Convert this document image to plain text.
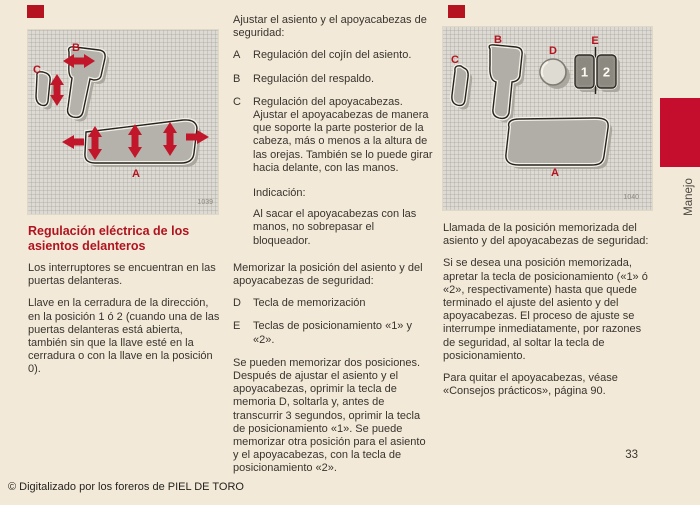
B
C
A
1039
Regulación eléctrica de los asientos delanteros

Los interruptores se encuentran en las puertas delanteras.

Llave en la cerradura de la dirección, en la posición 1 ó 2 (cuando una de las puertas delanteras está abierta, también sin que la llave esté en la cerradura o con la llave en la posición 0).

Ajustar el asiento y el apoyacabezas de seguridad:

A	Regulación del cojín del asiento.
B	Regulación del respaldo.
C	Regulación del apoyacabezas. Ajustar el apoyacabezas de manera que soporte la parte posterior de la cabeza, más o menos a la altura de las orejas. También se lo puede girar hacia delante, con las manos.

Indicación:

Al sacar el apoyacabezas con las manos, no sobrepasar el bloqueador.

Memorizar la posición del asiento y del apoyacabezas de seguridad:

D	Tecla de memorización
E	Teclas de posicionamiento «1» y «2».

Se pueden memorizar dos posiciones. Después de ajustar el asiento y el apoyacabezas, oprimir la tecla de memoria D, soltarla y, antes de transcurrir 3 segundos, oprimir la tecla de posicionamiento «1». Se puede memorizar otra posición para el asiento y el apoyacabezas, con la tecla de posicionamiento «2».

1 2
C
B
D
E
A
1040

Llamada de la posición memorizada del asiento y del apoyacabezas de seguridad:

Si se desea una posición memorizada, apretar la tecla de posicionamiento («1» ó «2», respectivamente) hasta que quede terminado el ajuste del asiento y del apoyacabezas. El proceso de ajuste se interrumpe inmediatamente, por razones de seguridad, al soltar la tecla de posicionamiento.

Para quitar el apoyacabezas, véase «Consejos prácticos», página 90.

Manejo
33
© Digitalizado por los foreros de PIEL DE TORO
